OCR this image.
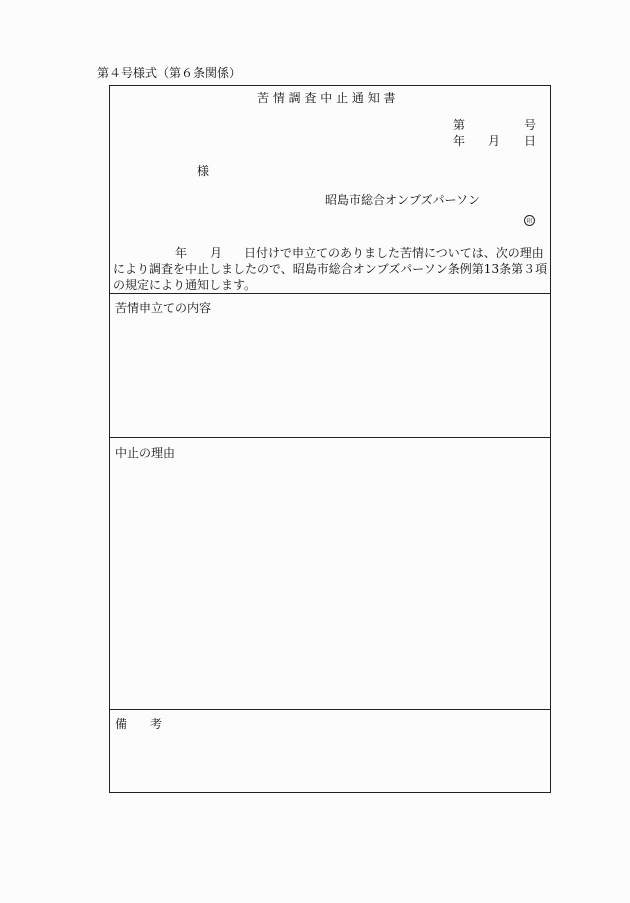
第４号様式（第６条関係）
苦 情 調 査 中 止 通 知 書
第	号
年 月 日
様
昭島市総合オンブズパーソン
印
年 月	日付けで申立てのありました苦情については、次の理由により調査を中止しましたので、昭島市総合オンブズパーソン条例第13条第３項の規定により通知します。
苦情申立ての内容
中止の理由
備 考
